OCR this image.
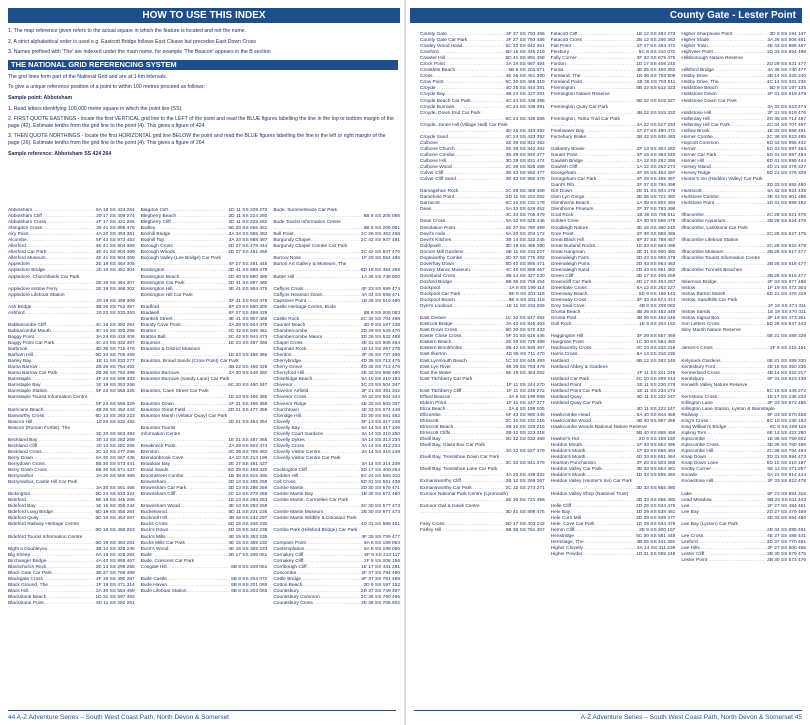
HOW TO USE THIS INDEX

1. The map reference given refers to the actual square in which the feature is located and not the name.

2. A strict alphabetical order is used e.g. Eastcott Bridge follows East Cleave but precedes East Down Cross

3. Names prefixed with 'The' are indexed under the main name, for example 'The Beacon' appears in the B section

THE NATIONAL GRID REFERENCING SYSTEM

The grid lines form part of the National Grid and are at 1 km intervals.

To give a unique reference position of a point to within 100 metres proceed as follows:

Sample point: Abbotsham

1. Read letters identifying 100,000 metre square in which the point lies (SS).

2. FIRST QUOTE EASTINGS - locate the first VERTICAL grid line to the LEFT of the point and read the BLUE figures labelling the line in the top or bottom margin of the page (42). Estimate tenths from the grid line to the point (4). This gives a figure of 424

3. THEN QUOTE NORTHINGS - locate the first HORIZONTAL grid line BELOW the point and read the BLUE figures labelling the line in the left or right margin of the page (26). Estimate tenths from the grid line to the point (4). This gives a figure of 264

Sample reference: Abbotsham SS 424 264

Abbotsham .....	6A 18 SS 424 264
Abbotsham Cliff .....	20 17 SS 408 274
Abbotsham Cross .....	4F 17 SS 421 255
Abingdon Cross .....	30 41 SS 895 475
Airy Point .....	4A 20 SS 493 361
Alcombe .....	5F 43 SS 973 453
Allerford .....	4E 41 SS 904 469
Allerford Car Park .....	4E 41 SS 904 469
Allerford Museum .....	4E 41 SS 904 469
Appledore .....	2E 19 SS 464 305
Appledore Bridge .....	20 19 SS 451 304
Appledore, Churchfields Car Park
.....
2E 19 SS 464 307
Appledore Instow Ferry .....	2E 19 SS 468 302
Appledore Lifeboat Station
.....
20 19 SS 459 309
Ash Bridge .....	3B 36 SS 752 487
Ashford .....	20 23 SS 533 353

Babbacombe Cliff .....	4C 16 SS 393 254
Babbacombe Mouth .....	4C 16 SS 392 256
Baggy Point .....	3A 24 SS 418 406
Baggy Point Car Park .....	4C 24 SS 432 397
Barbrook .....	4D 35 SS 715 476
Barham Hill .....	6D 34 SS 705 458
Barley Bay .....	1E 11 SS 233 277
Barna Barrow .....	2B 36 SS 754 492
Barna Barrow Car Park .....	2B 36 SS 752 496
Barnstaple .....	4F 23 SS 559 333
Barnstaple Bay .....	1E 19 SS 353 268
Barnstaple Station .....	5F 23 SS 555 325
Barnstaple Tourist Information Centre
.....
5F 23 SS 556 329
Barricane Beach .....	4B 26 SS 452 443
Baxworthy Cross .....	6D 13 SS 283 223
Beacon Hill .....	10 29 SS 532 482
Beacon (Roman Fortlet), The
.....
1E 33 SS 663 493
Beckland Bay .....	20 13 SS 282 269
Beckland Cliff .....	20 13 SS 281 265
Beckland Cross .....	3C 12 SS 277 256
Berry Down .....	6A 30 SS 567 436
Berrydown Cross .....	5B 30 SS 573 441
Berry Down Cross .....	6B 30 SS 571 437
Berrynarbor .....	3A 30 SS 560 466
Berrynarbor, Castle Hill Car Park
.....
3A 30 SS 561 466
Bickington .....	5D 23 SS 533 324
Bideford .....	6E 19 SS 445 265
Bideford Bay .....	1E 15 SS 356 244
Bideford Long Bridge .....	6D 19 SS 455 264
Bideford Quay .....	6D 19 SS 454 267
Bideford Railway Heritage Centre
.....
6D 19 SS 456 263
Bideford Tourist Information Centre
.....
6D 19 SS 454 264
Bight a Doubleyou .....	3B 14 SS 326 246
Big Sheep .....	6A 18 SS 426 264
Birchanger Bridge .....	4A 40 SS 865 467
Blackchurch Rock .....	2E 13 SS 298 266
Black Gate Car Park .....	3E 37 SS 788 489
Blackgate Cross .....	4F 19 SS 480 287
Black Ground, The .....	1F 19 SS 471 314
Black Hill .....	2A 30 SS 554 469
Blackstone Beach .....	1D 31 SS 597 483
Blackstone Point .....	3D 11 SS 252 251
Blagdon Cliff .....	1D 11 SS 229 272
Blegberry Beach .....	2D 11 SS 224 260
Blegberry Cliff .....	2D 11 SS 225 262
Bodley .....	5E 33 SS 656 451
Bonhill Bridge .....	3A 34 SS 685 482
Bonhill Top .....	3A 34 SS 688 487
Borough Cross .....	4D 27 SS 476 444
Borough Woods .....	4D 27 SS 481 456
Borough Valley (Lee Bridge) Car Park
.....
4F 27 SS 491 445
Bossington .....	3D 41 SS 898 479
Bossington Beach .....	2D 40 SS 880 486
Bossington Car Park .....	3D 41 SS 897 480
Bossington Hill .....	3E 41 SS 904 475
Bossington Hill Car Park
.....
3F 41 SS 910 476
Bradford .....	5F 23 SS 550 300
Bradwell .....	6F 27 SS 498 428
Branksh Street .....	4E 41 SS 907 466
Brandy Cove Point .....	2A 28 SS 504 475
Bratton .....	4C 42 SS 946 461
Bratton Ball .....	3C 42 SS 944 473
Braunton .....	1E 23 SS 487 366
Braunton & District Museum
.....
1E 23 SS 486 365
Braunton, Broad Sands (Crow Point) Car Park
.....
3B 22 SS 466 329
Braunton Burrows .....	2A 20 SS 448 350
Braunton Burrows (Sandy Lane) Car Park
.....
6C 20 SS 460 347
Braunton, Caen Street Car Park
.....
1E 23 SS 486 365
Braunton Down .....	1F 21 SS 496 368
Braunton Great Field .....	2D 21 SS 477 359
Braunton Marsh (Velator Quay) Car Park
.....
2E 21 SS 484 354
Braunton Tourist
Information Centre
.....
1E 21 SS 487 365
Breakneck Point .....	2A 28 SS 502 474
Brendon .....	3C 36 SS 769 482
Brendonbrook Cove .....	4A 10 SS 214 196
Broadoar Bay .....	2E 27 SS 481 437
Broad Sands .....	5G 29 SS 468 325
Broomstreet Combe .....	1B 38 SS 815 490
Brownsham .....	3D 13 SS 285 259
Brownsham Car Park .....	3D 13 SS 286 259
Brownsham Cliff .....	2C 12 SS 278 268
.....
1E 13 SS 293 263
Brownsham Wood .....	3E 13 SS 293 259
Bucketwood .....	5D 11 SS 221 235
Bucknell Hill .....	4B 18 SS 432 297
Bucks Cross .....	5D 15 SS 348 230
Buck's Down .....	4D 15 SS 342 238
Buck's Mills .....	4E 15 SS 353 235
Bucks Mills Car Park .....	4E 15 SS 355 232
Buck's Wood .....	4E 15 SS 355 233
Bude .....	2E 17 SS 206 061
Bude, Crescent Car Park
Cosgate Hill .....	6B 8 SS 208 061

Bude Castle .....	5B 8 SS 204 070
Bude Haven .....	6B 8 SS 201 065
Bude Lifeboat Station .....	6B 8 SS 203 065
Bude, Summerleaze Car Park
.....
6B 8 SS 205 065
Bude Tourist Information Centre
.....
6B 8 SS 206 061
Bull Point .....	2C 26 SS 463 468
Burgundy Chapel .....	2C 42 SS 947 481
Burgundy Chapel Combe Car Park
.....
3C 42 SS 947 476
Burrow Nose .....	1F 29 SS 554 485
Burton Art Gallery & Museum, The
.....
6D 19 SS 454 269
Butter Hill .....	1A 36 SS 748 500

Caffyns Cross .....	4F 33 SS 699 474
Caffyns Heanton Down .....	4A 34 SS 689 471
Capstone Point .....	1B 28 SS 519 480
Castle Heritage Centre, Bude
.....
6B 8 SS 206 063
Castle Rock .....	2C 34 SS 704 498
Caunter Beach .....	4D 9 SS 197 138
Chambercombe .....	2D 28 SS 529 470
Chambercombe Manor .....	3D 29 SS 532 468
Chapel Cross .....	4E 31 SS 906 464
Chapman Rock .....	1B 12 SS 267 278
Cheriton .....	3F 35 SS 737 466
Cherrybridge .....	4D 35 SS 713 475
Cherry Grove .....	4D 35 SS 713 476
Cherryford Hill .....	2E 33 SS 668 480
Chiselridge Beach .....	5A 10 SS 210 184
Chivenor .....	3C 23 SS 504 347
Chivenor Airfield .....	3F 21 SS 491 342
Chivenor Cross .....	3A 22 SS 504 344
Chivenor Ridge .....	4E 22 SS 503 337
Churchtown .....	4E 33 SS 674 449
Clorridge Hill .....	3D 30 SS 581 462
Clovelly .....	5F 13 SS 317 248
Clovelly Bay .....	6A 14 SS 317 246
Clovelly Court Gardens .....	3A 14 SS 310 250
Clovelly Dykes .....	4A 14 SS 313 234
Clovelly Cross .....	4A 14 SS 312 234
Clovelly Visitor Centre .....	3A 14 SS 315 249
Clovelly Visitor Centre Car Park
.....
3A 14 SS 314 249
Cockington Cliff .....	3D 17 SS 400 264
Codden Hill .....	6C 24 SS 583 310
Coll Cross .....	6D 31 SS 591 438
Combe Martin .....	2D 30 SS 579 471
Combe Martin Bay .....	1B 30 SS 572 480
Combe Martin, Cormelles Car Park
.....
3C 30 SS 577 473
Combe Martin Museum .....	2B 30 SS 577 473
Combe Martin Wildlife & Dinosaur Park
.....
4D 31 SS 598 451
Combe Park (Hillsford Bridge) Car Park
.....
4F 35 SS 739 477
Compass Point .....	6A 8 SS 199 063
Contemplation .....	6A 8 SS 199 065
Cornakey Cliff .....	6F 9 SS 212 117
Cornakey Cliff .....	1F 9 SS 206 156
Corribough Cliff .....	1E 17 SS 431 281
Coscombe .....	2F 37 SS 794 490
Cottle Bridge .....	6F 37 SS 791 488
Cotton Beach .....	2D 9 SS 197 152
Countisbury .....	2D 37 SS 749 497
Countisbury Common .....	2C 36 SS 760 495
Countisbury Cross .....	2E 36 SS 765 502
44 A-Z Adventure Series – South West Coast Path, North Devon & Somerset
County Gate - Lester Point
County Gate .....	3F 37 SS 793 486
County Gate Car Park .....	3F 37 SS 793 486
Cowley Wood Head .....	5C 32 SS 642 451
Cranford .....	6D 15 SS 345 215
Crawter Hill .....	5D 41 SS 891 458
Crock Point .....	2A 34 SS 687 494
Crooklets Beach .....	5B 8 SS 201 071
Cross .....	4E 25 SS 451 390
Crow Point .....	6C 20 SS 466 319
Croyde .....	4D 25 SS 444 391
Croyde Bay .....	4B 24 SS 427 391
Croyde Beach Car Park .....	4C 24 SS 436 395
Croyde Burrows .....	4C 24 SS 436 391
Croyde, Down End Car Park
.....
5C 24 SS 435 386
Croyde, Jones Hill (Village Hall) Car Park
.....
4D 25 SS 443 392
Croyde Sand .....	4C 24 SS 433 392
Culbone .....	2E 39 SS 842 482
Culbone Church .....	2E 39 SS 842 482
Culbone Combe .....	3E 39 SS 840 477
Culbone Hill .....	3D 39 SS 831 474
Culbone Wood .....	2C 38 SS 828 486
Culver Cliff .....	3E 43 SS 962 477
Culver Cliff Sand .....	3E 43 SS 960 479

Damagehue Rock .....	2C 26 SS 469 468
Damehole Point .....	2D 11 SS 222 262
Darracott .....	6C 10 SS 231 178
Dean .....	5A 32 SS 629 452
.....
4C 34 SS 705 479
Dean Cross .....	5A 32 SS 625 446
Desolation Point .....	2E 37 SS 780 499
Devil's Hole .....	5A 20 SS 204 172
Devil's Kitchen .....	3B 14 SS 322 245
Diddywell .....	3D 19 SS 465 290
Docton Mill Gardens .....	6E 11 SS 234 227
Dogsworthy Combe .....	2D 37 SS 775 492
Doverhay Down .....	5D 40 SS 885 471
Dovery Manor Museum .....	4C 40 SS 888 467
Downland Cross .....	4B 14 SS 327 230
Doxford Bridge .....	6B 36 SS 759 454
Duckpool .....	1A 8 SS 199 114
Duckpool Car Park .....	6E 9 SS 201 116
Duckpool Beach .....	6E 9 SS 201 118
Dyer's Lookout .....	1E 11 SS 234 255

East Cleave .....	1C 32 SS 647 492
Eastcott Bridge .....	3A 40 SS 845 463
East Down Cross .....	6D 30 SS 570 433
Easter Close Cross .....	5F 31 SS 615 446
Eastern Beach .....	2E 35 SS 725 498
Eastern Brookholes .....	2B 42 SS 930 487
East Ilkerton .....	4D 35 SS 711 470
East Lynmouth Beach .....	1C 32 SS 645 493
East Lyn River .....	4B 36 SS 753 479
East the Water .....	6E 19 SS 463 262
East Titchberry Car Park
.....
1F 11 SS 244 270
East Titchberry Cliff .....	1F 11 SS 246 272
Efford Beacon .....	4A 8 SS 199 058
Eldern Point .....	1F 11 SS 247 277
Eliza Beach .....	2A 8 SS 199 105
Ellicombe .....	6F 43 SS 980 445
Elmscott .....	2C 10 SS 231 215
Elmscott Beach .....	2B 10 SS 220 215
Elmscott Cliffs .....	2B 10 SS 223 218
Elwill Bay .....	2D 32 SS 632 489
Elwill Bay, Glass Box Car Park
.....
3A 32 SS 627 479
Elwill Bay, Trentishoe Down Car Park
.....
3C 32 SS 641 478
Elwill Bay, Trentishoe Lane Car Park
.....
4A 20 SS 439 432
Exmansworthy Cliff .....	2B 12 SS 269 267
Exmansworthy Car Park .....	2C 12 SS 273 271
Exmoor National Park Centre (Lynmouth)
.....
2E 35 SS 721 496
Exmoor Owl & Hawk Centre
.....
3D 41 SS 899 476

Fairy Cross .....	5D 17 SS 403 242
Farley Hill .....	6B 36 SS 751 457
Fatacott Cliff .....	1B 12 SS 263 273
Fatacott Cross .....	2B 12 SS 266 262
Flat Point .....	1F 27 SS 494 472
Flexbury .....	5C 8 SS 210 070
Folly Corner .....	3F 33 SS 675 475
Fordon .....	1D 17 SS 408 245
Forda .....	4E 25 SS 456 392
Foreland, The .....	1B 36 SS 753 508
Foreland Point .....	1B 36 SS 753 511
Fremington .....	5B 22 SS 512 323
Fremington Nature Reserve
.....
5B 22 SS 515 327
Fremington Quay Car Park
.....
4B 22 SS 515 332
Fremington, Tarka Trail Car Park
.....
4A 22 SS 517 334
Freshwater Bay .....	1F 27 SS 490 471
Furzebury Brake .....	2B 42 SS 935 483

Gallantry Bower .....	2F 13 SS 304 262
Gauter Point .....	3F 15 SS 363 240
Gawlish Bridge .....	2A 12 SS 252 266
Gawlish Cliff .....	1A 12 SS 252 274
Georgeham .....	4F 25 SS 464 397
Georgeham Car Park .....	4F 25 SS 465 397
Giant's Rib .....	2F 37 SS 794 498
Girt Down .....	2E 31 SS 604 479
Glen Lyn Gorge .....	2E 35 SS 722 492
Glenthorne Beach .....	1A 38 SS 802 494
Glenthorne Pinetum .....	2F 37 SS 793 496
Goat Rock .....	1B 36 SS 755 511
Golden Cove .....	2A 30 SS 566 476
Goodleigh Nature .....	3E 15 SS 350 240
Gore Point .....	2F 39 SS 858 486
Great Black Hill .....	6F 37 SS 788 457
Great Burland Rocks .....	1E 33 SS 663 495
Great Hangman .....	2E 31 SS 600 480
Greenaleigh Farm .....	3D 43 SS 955 479
Greenaleigh Point .....	2D 43 SS 954 483
Greenaleigh Sand .....	2D 43 SS 951 482
Green Cliff .....	3D 17 SS 405 269
Greencliff Car Park .....	4D 17 SS 404 267
Greenlake Cross .....	6A 12 SS 252 227
Greenway Beach .....	5D 9 SS 196 143
Greenway Cross .....	3F 33 SS 674 474
Grey Seal Cove .....	4B 8 SS 209 082
Grunta Beach .....	4B 26 SS 452 448
Grunta Pool .....	4B 26 SS 452 446
Gull Rock .....	1E 9 SS 204 152

Haggington Hill .....	3F 29 SS 557 469
Hangman Point .....	1C 30 SS 584 482
Hardsworthy Cross .....	3C 10 SS 233 216
Harris Cross .....	6A 14 SS 316 230
Hartland .....	6B 12 SS 262 246
Hartland Abbey & Gardens
.....
4F 11 SS 241 249
Hartland Car Park .....	4C 10 SS 259 244
Hartland Point .....	1E 11 SS 230 276
Hartland Point Car Park .....	1E 11 SS 234 274
Hartland Quay .....	4D 11 SS 222 247
Hartland Quay Car Park
.....
4D 11 SS 222 247
Hawkcombe Head .....	5A 40 SS 844 458
Hawkcombe Wood .....	4B 40 SS 867 459
Hawkcombe Woods National Nature Reserve
.....
5B 40 SS 868 456
Hawker's Hut .....	2D 9 SS 198 150
Heddon Mouth .....	1F 33 SS 653 495
Heddon's Mouth .....	1F 33 SS 656 494
Heddon's Mouth .....	4D 33 SS 651 464
Heanton Punchardon .....	2F 23 SS 503 355
Heddon Valley Car Park .....	3E 33 SS 654 481
Heddon's Mouth .....	1D 33 SS 655 492
Heddon Valley (Hunter's Inn) Car Park
.....
3D 33 SS 655 480
Heddon Valley Shop (National Trust)
.....
3D 33 SS 655 480
Helle Cliff .....	2D 29 SS 534 475
Hele Bay .....	1D 29 SS 538 481
Hele Corn Mill .....	2D 29 SS 535 477
Hele, Cove Car Park .....	1D 29 SS 534 479
Hemm Cliff .....	2E 9 SS 200 157
Henstridge .....	5C 30 SS 581 448
Hermitage, The .....	4B 25 SS 441 391
Higher Clovelly .....	4A 14 SS 311 239
Higher Powder .....	1D 31 SS 599 246
Higher Sharpnose Point .....	3D 9 SS 194 147
Higher Slade .....	3A 28 SS 506 461
Higher Town .....	4E 43 SS 966 467
Highveer Point .....	1D 33 SS 654 498
Hillsborough Nature Reserve
.....
2D 29 SS 531 477
Hillsford Bridge .....	4A 36 SS 740 477
Hobby Drive .....	3B 14 SS 325 240
Hobby Drive, The .....	4C 14 SS 331 235
Holdstone Beach .....	5D 9 SS 197 135
Holdstone Down .....	2F 31 SS 618 479
Holdstone Down Car Park
.....
3A 32 SS 623 474
Holdstone Hill .....	2F 31 SS 619 476
Hollerday Hill .....	2D 35 SS 714 497
Hollerday Hill Car Park .....	2C 34 SS 707 497
Hollow Brook .....	1E 33 SS 666 491
Horner Combe .....	2C 38 SS 823 485
Hopcott Common .....	6D 43 SS 956 442
Horner .....	5D 41 SS 897 454
Horner Car Park .....	5D 41 SS 897 454
Horner Hill .....	6D 41 SS 899 444
Horsey Island .....	4D 21 SS 476 337
Horsey Ridge .....	5D 21 SS 476 329
Hunter's Inn (Heddon Valley) Car Park
.....
3D 33 SS 655 480
Huntscott .....	6A 42 SS 924 438
Hurlstone Combe .....	2E 41 SS 901 489
Hurlstone Point .....	1D 41 SS 899 492

Ilfracombe .....	2C 28 SS 521 478
Ilfracombe Aquarium .....	2B 28 SS 524 478
Ilfracombe, Larkstone Car Park
.....
2C 28 SS 527 475
Ilfracombe Lifeboat Station
.....
2C 28 SS 522 478
Ilfracombe Museum .....	2B 28 SS 517 477
Ilfracombe Tourist Information Centre
.....
2B 28 SS 518 477
Ilfracombe Tunnels Beaches
.....
2B 28 SS 515 477
Inkerman Bridge .....	2F 33 SS 677 486
Instow .....	1F 19 SS 472 304
Instow Barton Marsh .....	6D 21 SS 476 319
Instow, Sandhills Car Park
.....
1F 19 SS 474 311
Instow Sands .....	1E 19 SS 470 311
Instow Signal Box .....	2F 19 SS 473 301
Iron Letters Cross .....	5D 29 SS 537 443
Isley Marsh Nature Reserve
.....
5E 21 SS 489 328

James's Cross .....	2F 9 SS 215 151

Kelynack Gardens .....	6E 21 SS 489 330
Kentisbury Ford .....	4E 15 SS 350 236
Kennerland Cross .....	4B 14 SS 322 217
Kentisbury .....	6F 31 SS 623 438
Kenwith Valley Nature Reserve
.....
5C 18 SS 446 272
Kernstone Cross .....	1E 17 SS 236 233
Killington Lane .....	3F 33 SS 672 456
Killington Lane Station, Lynton & Barnstaple
Railway .....	5F 33 SS 670 458
King's Cross .....	6C 10 SS 238 183
King William's Bridge .....	6C 8 SS 208 116
Kipling Tors .....	6E 13 SS 422 280
Kipscombe .....	1E 36 SS 759 502
Kipscombe Cross .....	2E 36 SS 760 496
Kipscombe Hill .....	2C 36 SS 764 493
Knap Down .....	3D 31 SS 594 473
Knap Down Lane .....	5D 10 SS 210 187
Knotty Corner .....	6E 11 SS 471 257
Knowle .....	6A 21 SS 914 444
Knowstone Hill .....	2F 33 SS 622 478

Lake .....	6F 23 SS 554 316
Lead Meadow .....	6B 23 SS 511 443
Lee .....	2F 27 SS 484 461
Lee Bay .....	2D 27 SS 479 469
.....
2E 33 SS 694 490
Lee Bay (Lynton) Car Park
.....
2B 34 SS 695 491
Lee Cross .....	4E 27 SS 488 441
Leeford .....	3D 37 SS 770 481
Lee Hills .....	2F 27 SS 500 466
Lester Cliff .....	2B 30 SS 579 475
Lester Point .....	2B 30 SS 573 476
A-Z Adventure Series – South West Coast Path, North Devon & Somerset 45
